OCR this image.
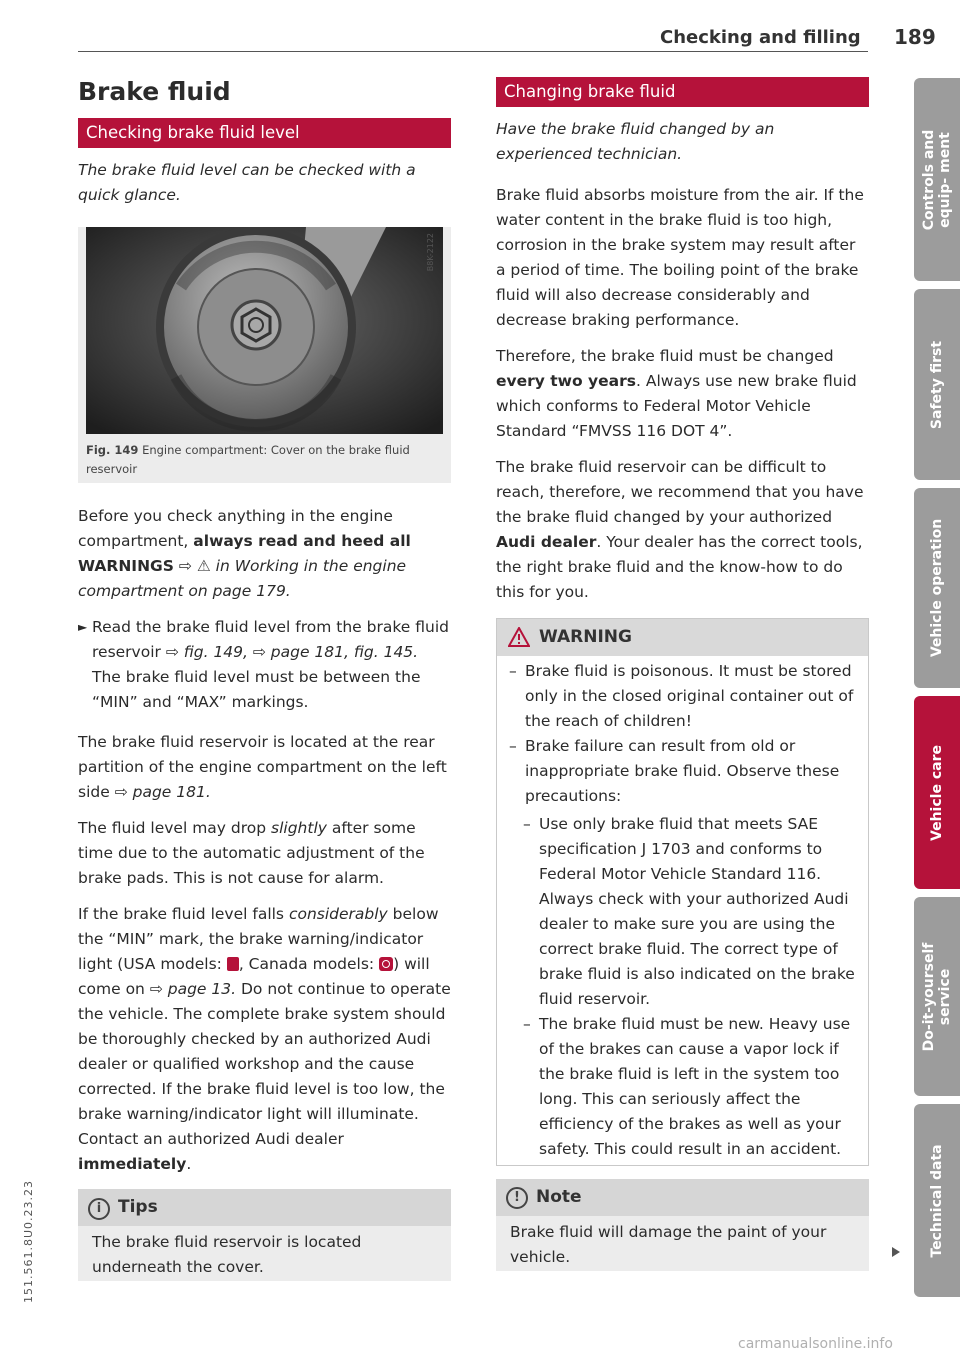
Checking and filling 189
Brake fluid
Checking brake fluid level

The brake fluid level can be checked with a quick glance.

B8K-2122
Fig. 149 Engine compartment: Cover on the brake fluid reservoir

Before you check anything in the engine compartment, always read and heed all WARNINGS ⇨ ⚠ in Working in the engine compartment on page 179.

► Read the brake fluid level from the brake fluid reservoir ⇨ fig. 149, ⇨ page 181, fig. 145. The brake fluid level must be between the “MIN” and “MAX” markings.

The brake fluid reservoir is located at the rear partition of the engine compartment on the left side ⇨ page 181.

The fluid level may drop slightly after some time due to the automatic adjustment of the brake pads. This is not cause for alarm.

If the brake fluid level falls considerably below the “MIN” mark, the brake warning/indicator light (USA models: , Canada models: ) will come on ⇨ page 13. Do not continue to operate the vehicle. The complete brake system should be thoroughly checked by an authorized Audi dealer or qualified workshop and the cause corrected. If the brake fluid level is too low, the brake warning/indicator light will illuminate. Contact an authorized Audi dealer immediately.

i Tips
The brake fluid reservoir is located underneath the cover.
Changing brake fluid

Have the brake fluid changed by an experienced technician.

Brake fluid absorbs moisture from the air. If the water content in the brake fluid is too high, corrosion in the brake system may result after a period of time. The boiling point of the brake fluid will also decrease considerably and decrease braking performance.

Therefore, the brake fluid must be changed every two years. Always use new brake fluid which conforms to Federal Motor Vehicle Standard “FMVSS 116 DOT 4”.

The brake fluid reservoir can be difficult to reach, therefore, we recommend that you have the brake fluid changed by your authorized Audi dealer. Your dealer has the correct tools, the right brake fluid and the know-how to do this for you.

WARNING
– Brake fluid is poisonous. It must be stored only in the closed original container out of the reach of children!
– Brake failure can result from old or inappropriate brake fluid. Observe these precautions:
– Use only brake fluid that meets SAE specification J 1703 and conforms to Federal Motor Vehicle Standard 116. Always check with your authorized Audi dealer to make sure you are using the correct brake fluid. The correct type of brake fluid is also indicated on the brake fluid reservoir.
– The brake fluid must be new. Heavy use of the brakes can cause a vapor lock if the brake fluid is left in the system too long. This can seriously affect the efficiency of the brakes as well as your safety. This could result in an accident.
! Note
Brake fluid will damage the paint of your vehicle.
Controls and equip- ment
Safety first
Vehicle operation
Vehicle care
Do-it-yourself service
Technical data
151.561.8U0.23.23
carmanualsonline.info
